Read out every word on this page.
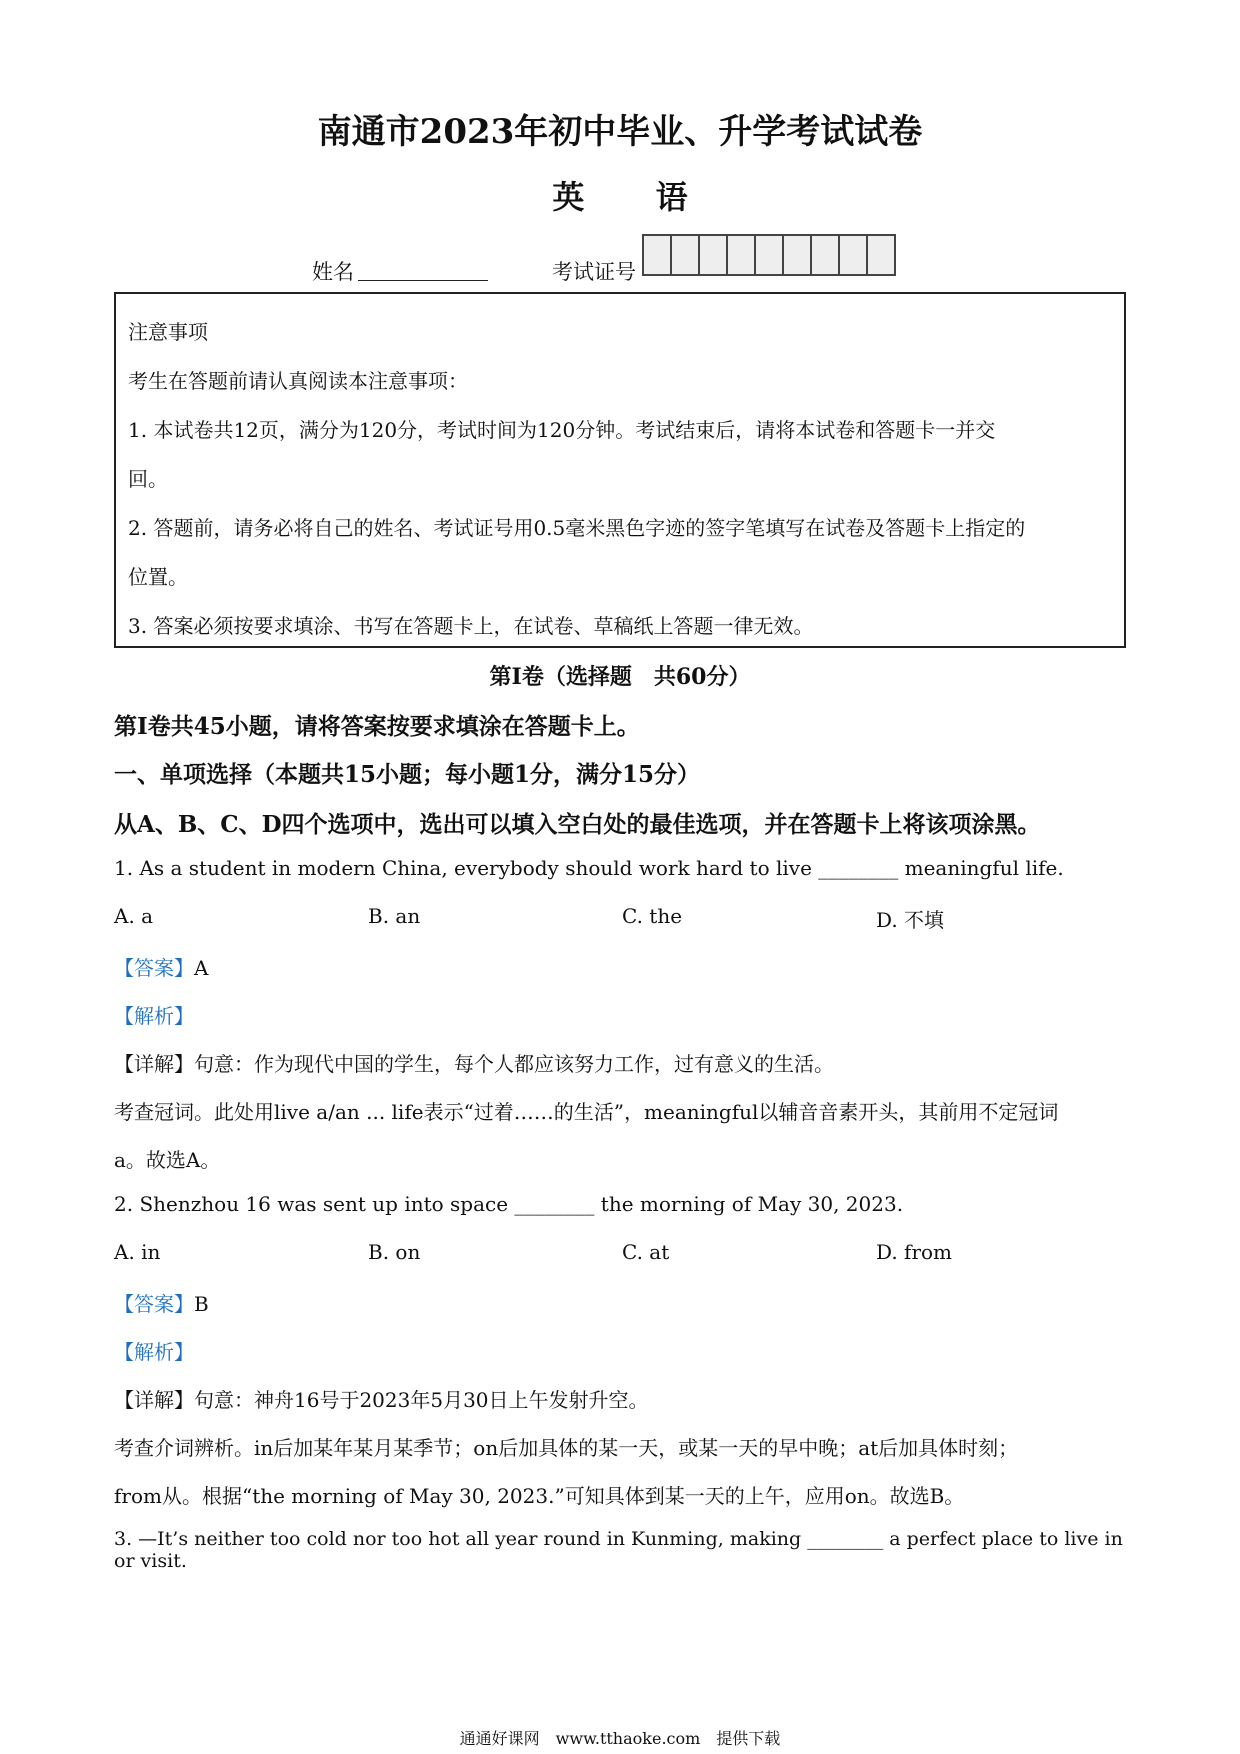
南通市2023年初中毕业、升学考试试卷
英 语
姓名	考试证号

注意事项

考生在答题前请认真阅读本注意事项：

1. 本试卷共12页，满分为120分，考试时间为120分钟。考试结束后，请将本试卷和答题卡一并交

回。

2. 答题前，请务必将自己的姓名、考试证号用0.5毫米黑色字迹的签字笔填写在试卷及答题卡上指定的

位置。

3. 答案必须按要求填涂、书写在答题卡上，在试卷、草稿纸上答题一律无效。

第I卷（选择题　共60分）
第I卷共45小题，请将答案按要求填涂在答题卡上。
一、单项选择（本题共15小题；每小题1分，满分15分）
从A、B、C、D四个选项中，选出可以填入空白处的最佳选项，并在答题卡上将该项涂黑。
1. As a student in modern China, everybody should work hard to live ________ meaningful life.
A. a	B. an	C. the	D. 不填
【答案】A
【解析】
【详解】句意：作为现代中国的学生，每个人都应该努力工作，过有意义的生活。
考查冠词。此处用live a/an ... life表示“过着……的生活”，meaningful以辅音音素开头，其前用不定冠词
a。故选A。
2. Shenzhou 16 was sent up into space ________ the morning of May 30, 2023.
A. in	B. on	C. at	D. from
【答案】B
【解析】
【详解】句意：神舟16号于2023年5月30日上午发射升空。
考查介词辨析。in后加某年某月某季节；on后加具体的某一天，或某一天的早中晚；at后加具体时刻；
from从。根据“the morning of May 30, 2023.”可知具体到某一天的上午，应用on。故选B。
3. —It’s neither too cold nor too hot all year round in Kunming, making ________ a perfect place to live in or visit.
通通好课网　www.tthaoke.com　提供下载
